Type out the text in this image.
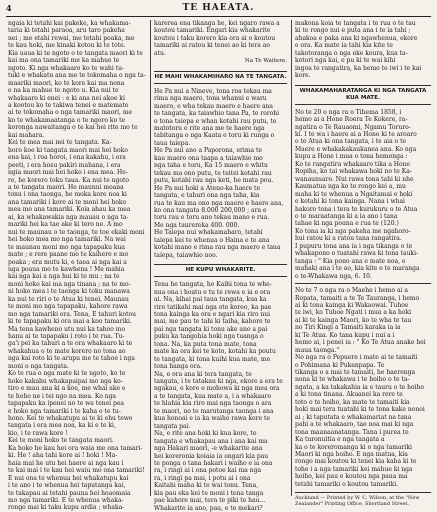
4	TE HAEATA.
ngaia ki tetahi kai pakeke, ka whakama-
taria ki tetahi paraoa, aru taro pakeha
nei ; me etahi rewai, me tetahi poaka, me
te kau hoki, me kinaki kotou ki te tote.
Kia uaua ki te ngoto o te tangata maori ki te
kai ma ona tamariki me ka mahue te
ngoto. Ki nga whakaaro ko te wahi tu-
tuki e whakatu ana me te tokomaha o nga ta-
maariki maori, ko te kore kai ma nona
e na ka mahue te ngoto u. Kia nui te
whakaaro ki enei : e ki ana nei akoe ki
a kootou ko te takiwa tenei e matemate
ai te tokomaha o nga tamariki maori, me
ko te whakamaatanga o te ngoro ko te
koronga nawaitanga o te kai hei rite mo te
kai mahara.
Kei te mea mai nei te tangata. Ka-
horo koe ki tangata maori mai hei hoko
ena kai, i roa horoi, i ena kakahu, i era
peeti, i era hosu pakiri mahana, i era
ngia maori mai hei hoko i ena mea. He-
re, he korero toku taua. Ka nui te ngoto
a te tangata maori. He maunui moana
tonu i ona taonga, he moka kore noa ki
ana tamariki i kore ai te moni hei hoko
mea mo ana tamariki. Koia ahau ka mea
ai, ka whakawakia nga mauau o nga ta-
mariki hei ka tae ake ki tero ne. A mo
nui te maunau o te taonga, te toe ekaki moni
hei hoko mea mo nga tamariki. Na wai
te maunau moni mo nga tapapaku kua
mate ; e rere paane mo te kaihere e mo
poaka ; era mutu ki, e taea ai nga kai a
nga poaua mo te kawhena ! Me mahia
kai nga kai a nga hui ki te mu ; na te
moni hoko kai ma nga tinana ; na te mo-
ni hoko mea i te taenga ki toku manawa
ka nui te riri o te Atua ki tenei. Maunau
te moni mo nga tapapaku, kahore rawa
mo nga tamariki ora. Tena, E tahuri kotou
ki te tapapaku ki ora mai a koo tamariki.
Ma tena kawheno utu nui ka tahoo mo
hanu ai te tapapaku i roto i te rua. Tu-
ga'i pei ka tahuri a te ora whakaaro ki te
whakahua o te mate korero no tona ao
nga kai roto ki te arupu me te tahoe i nga
moni o nga tangata.
Ko te rua o nga mate ki te ngoto, ko te
hoko kakahu whakapaipai mo nga ko-
tiro e mau ana ki a koe, me whai ake e
te hoho ne i tei ngo na mea. Ko nga
tapapaku ka ipenei no te wa tenei pea
e hoko nga tamariki i te kaha o te tu-
hono. Kei te whakatupu ai te ki ehu tewe
tangata i era mea noa, ka ki e te ki,
kio, i te rawa kore !
Kei te moni hoko te tangata maori.
Ka hoko he kau hei ora waia me ona tamari-
ki. He ! aha tahi kore ai ! hoki ! Ma-
haia mai he utu hei haere ai nga kau i
te kai mai i te kau hei waiu mo ona tamariki!
E nui ona te whenua hei whakatupu kai
i te ano i te whenua hei taputanga kai,
te takapau ai tetahi pauna hei hoaomaia
mo nga tamariki. E te whenua whaka-
rongo mai ki taku kupu ardia ; whaka-
karerea ena tikanga he, kei ngaro rawa a
koutou tamariki. Engari kia whakarite
koutou i taku korero kia ora ai o koutou
tamariki ai ratou ki tenei ao ki tera ao
atu.
Na Te Waitere.
HE MAHI WHAKAMIHARO NA TE TANGATA.
He Pa nui a Nineve, tona roa tekau ma
rima nga maero, tona whanui e waru
maero, e wha tekau maero e haere ana
te tangata, ka taiawhio tana Pa, te rorohi
o tona taiepa e whan kotahi rau putu, te
matotoru e rite ana me te haere nga
tabitanga o nga Kaata e toru ki runga o
taua taiepa.
He Pa nui ano a Paporona, erima te
kau maero ona taapa a taiawhio mo
nga taha e toru, Ka 15 maero e whitu
tekau ma ono putu, te teitei kotahi rau
putu, kotahi rau nga keti, he mata pou.
He Pa nui hoki a Ateno-ka haere te
tangata, e tahuri ona nga taha, kia
rua te kau ma ono nga maero e haere ana,
ko ona tangata 8.000 200,000 ; ara e
toru rau e toru ano tekau mano e rua.
Me nga taurereka 400. 000.
He Taiepa nui whakamaharo, tetahi
taiepa kei te whenua o Haina e te ana
kotahi mano e rima rau nga maero e taua
taiepa, taiawhio noo.
HE KUPU WHAKARITE.
Tena he tangata, he Kaihi tona te whe-
nua ona i hoatu e tu te rewa e ia e ora
ai. Na, kihai pai taua tangata, kua ka
riro tatikahi mai nga ote koreo, ka pae
tona kainga ka ora e ngari kia riro nui
mai, me pau te tahi ki taiha, kahore te
pai nga tangata ki tonu ake ano a pai
puku ka tangohia hoki nga tuanga o
tona. Na, ka puta tona mate, tona
mate ka ora kei te koto, kotahi ka poutu
te tangata, ki tona kuihi kua mate, me
tona hanga ora.
Na, e ora ana ki tera tangata, te
tangata, i te tatakau ki nga, ekore a era te
ngakau, e kore e mohowa ki nga mea ora
a te tangata, kua mate a, i a whakaaro
te hlahia kia riro mai nga taonga o ara
te maori, no te marutanga taonga i ana
kua honoai e ia ka waiho rawa kore te
tangata pai.
Na, e rite ana hoki ki kua kore, te
tangata e whakapau ana i ana kai ma
nga Hakari maori, -e whakarite ana
hei koreronia koiaia ia ongari kia pau
te ponga o tana hakari i waiho e ia ona
ra, i ringi ai i ona potoe kai ma nga
ra, i ringi pa mai, i potu ai i ona
Kaitahi maha ki te wai tonu. Tena,
kia pau eka kei te moni i tena tanga
pae kahore mai, tera te piki te hau...
Whakarite ia ano, pau, e te mekari?
makona koia te tangata i te rua o te tau
ki te rongo nui e puta ana i te ia tahi ;
ahakoa e paka ana ki ngawhenua, ekore
e ora. Ka mate ia tahi kia kite te
takotoranga o nga eke koura, kua ta-
kotori nga kai, e pu ki te wai kihi
ingoa te rangatira, ka hemo te iwi i te kai
kore.
WHAKAMAHARATANGA KI NGA TANGATA KUA MATE.
No te 20 o nga ra o Tihema 1858, i
hemo ai a Hone Roera Te Kokere, ra-
ngatira o Te Rauaomi, Ngamu Toruro-
ki. I te wa i haere ai a Hone ki te aroaro
o te Atua ki ona tangata, i te aia o te
Maere e whakakakaukanea ana. Ko nga
kupu a Hone i mua o tona hemonga :
Ko te rangatira whakaaro tika a Hone
Ropiha, ko tai whakawa hoki no te Ka-
wanaunsaro. Nui rawa tona tahi ki nhe
Kaumatua nga ko te rongo kei a, mu
maha ki te whenua a Ngaitamai e hoki
e kotahi ki tona kainga. Nana i whai
hakoro tona i tera te kurukuru o te Atua
o te maraatanga ki a ia ano i tana
tahae ki nga pouna e rua te (120.)
Ko tona ia ki nga pakeha me ngahoro-
hui ratou ki a ratou tana rangatira.
I pupuru tona ana ia i nga tikanga o te
whakapono o tuatahi rawa ki tona tauki-
tanga : " Kia pono ana e mate noa, e
mahaki ana i te ao, kia kite e te maranga
o te-Whakawa nga, 6. 10.
No te 7 o nga ra o Maehe i hemo ai a
Ropata, tamaiti a te Te Tauranga, i hemo
ai ki tona kainga ki Wakaowai. Tuhoe
te iwi, ko Tuhoe Ngati i mua a ka hoki
ai ki te kainga Maori, ko te wha te tau
no Tiri Kingi a Tamaiti karaka ia ia
ki Te Atua. Ko tana kupu i nui a i
hemo ai, i penei ia : " Ko Te Atua anake hei
maua taonga."
No nga ra o Pepuere i mate ai te tamaiti
o Pohimana ki Pukenpapa. Te
tikanga o a mai te tamaiti, he haerenga
nona ki te whakawa i te hoiho o te ta-
ngata, a ka takakahia ia e tauru o te hoiho
a ki tona tinana. Akuanei ka rere te
toto o te hoiho, ka mate te tamaiti kia
hoki mai tera tuatahi ki te tona kake nonoi
ai ; ki taputata e whakamariat na tana
pahi a te whakaaro, tae noa mai ki nga
tona maanaanatanga. Tana i purea te
Ka turonuitia e nga tangata a
ka o te koreromanga ki o nga tamariki
Maori ki nga hoiho. E nga matua, kia
rongo mai koutou ki tenei kia kaha ki te
tohe i a nga tamariki kei mahue ki nga
hoiho, kei pau e koutou nga paua ma
tetahi tamariki o koutou tamariki.
Auckland — Printed by W. C. Wilson, at the "New Zealander" Printing Office, Shortland Street.
